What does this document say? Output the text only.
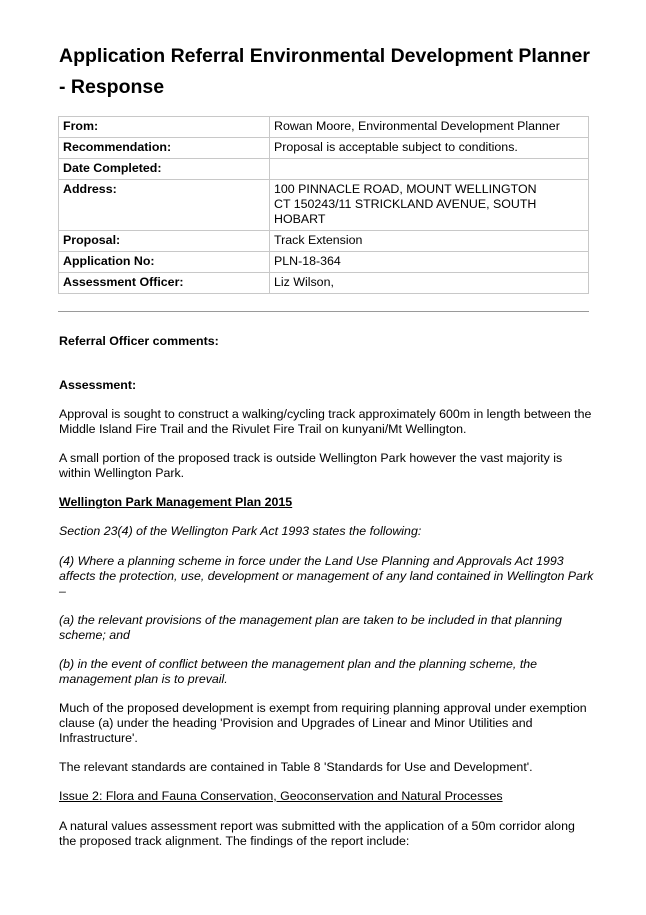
Application Referral Environmental Development Planner - Response
From:	Rowan Moore, Environmental Development Planner
Recommendation:	Proposal is acceptable subject to conditions.
Date Completed:	
Address:	100 PINNACLE ROAD, MOUNT WELLINGTON
CT 150243/11 STRICKLAND AVENUE, SOUTH
HOBART
Proposal:	Track Extension
Application No:	PLN-18-364
Assessment Officer:	Liz Wilson,

Referral Officer comments:

Assessment:

Approval is sought to construct a walking/cycling track approximately 600m in length between the Middle Island Fire Trail and the Rivulet Fire Trail on kunyani/Mt Wellington.

A small portion of the proposed track is outside Wellington Park however the vast majority is within Wellington Park.

Wellington Park Management Plan 2015

Section 23(4) of the Wellington Park Act 1993 states the following:

(4) Where a planning scheme in force under the Land Use Planning and Approvals Act 1993 affects the protection, use, development or management of any land contained in Wellington Park –

(a) the relevant provisions of the management plan are taken to be included in that planning scheme; and

(b) in the event of conflict between the management plan and the planning scheme, the management plan is to prevail.

Much of the proposed development is exempt from requiring planning approval under exemption clause (a) under the heading 'Provision and Upgrades of Linear and Minor Utilities and Infrastructure'.

The relevant standards are contained in Table 8 'Standards for Use and Development'.

Issue 2: Flora and Fauna Conservation, Geoconservation and Natural Processes

A natural values assessment report was submitted with the application of a 50m corridor along the proposed track alignment. The findings of the report include:
